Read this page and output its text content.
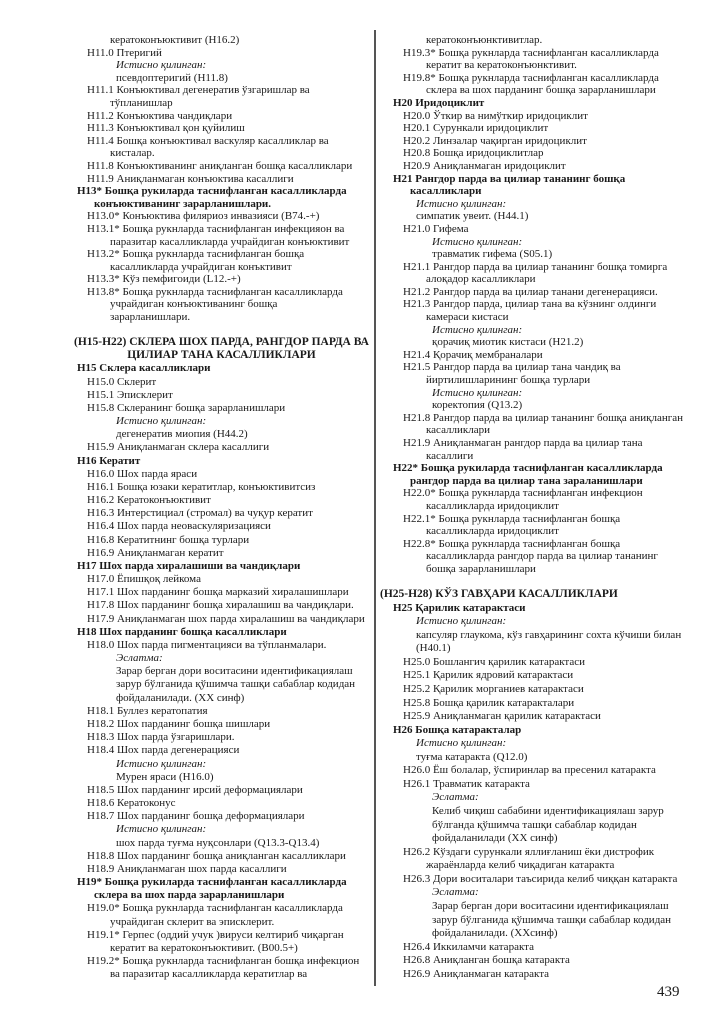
кератоконъюктивит (H16.2)
H11.0 Птеригий
Истисно қилинган:
псевдоптеригий (H11.8)
H11.1 Конъюктивал дегенератив ўзгаришлар ва
тўпланишлар
H11.2 Конъюктива чандиқлари
H11.3 Конъюктивал қон қуйилиш
H11.4 Бошқа конъюктивал васкуляр касалликлар ва
кисталар.
H11.8 Конъюктиванинг аниқланган бошқа касалликлари
H11.9 Аниқланмаган конъюктива касаллиги
H13* Бошқа рукиларда таснифланган касалликларда
конъюктиванинг зарарланишлари.
H13.0* Конъюктива филяриоз инвазияси (B74.-+)
H13.1* Бошқа рукнларда таснифланган инфекцияон ва
паразитар касалликларда учрайдиган конъюктивит
H13.2* Бошқа рукнларда таснифланган бошқа
касалликларда учрайдиган конъктивит
H13.3* Кўз пемфигоиди (L12.-+)
H13.8* Бошқа рукнларда таснифланган касалликларда
учрайдиган конъюктиванинг бошқа
зарарланишлари.
(H15-H22) СКЛЕРА ШОХ ПАРДА, РАНГДОР ПАРДА ВА
ЦИЛИАР ТАНА КАСАЛЛИКЛАРИ
H15 Склера касалликлари
H15.0 Склерит
H15.1 Эписклерит
H15.8 Склеранинг бошқа зарарланишлари
Истисно қилинган:
дегенератив миопия (H44.2)
H15.9 Аниқланмаган склера касаллиги
H16 Кератит
H16.0 Шох парда яраси
H16.1 Бошқа юзаки кератитлар, конъюктивитсиз
H16.2 Кератоконъюктивит
H16.3 Интерстициал (стромал) ва чуқур кератит
H16.4 Шох парда неоваскуляризацияси
H16.8 Кератитнинг бошқа турлари
H16.9 Аниқланмаган кератит
H17 Шох парда хиралашиши ва чандиқлари
H17.0 Ёпишқоқ лейкома
H17.1 Шох парданинг бошқа марказий хиралашишлари
H17.8 Шох парданинг бошқа хиралашиш ва чандиқлари.
H17.9 Аниқланмаган шох парда хиралашиш ва чандиқлари
H18 Шох парданинг бошқа касалликлари
H18.0 Шох парда пигментацияси ва тўпланмалари.
Эслатма:
Зарар берган дори воситасини идентификациялаш
зарур бўлганида қўшимча ташқи сабаблар кодидан
фойдаланилади. (XX синф)
H18.1 Буллез кератопатия
H18.2 Шох парданинг бошқа шишлари
H18.3 Шох парда ўзгаришлари.
H18.4 Шох парда дегенерацияси
Истисно қилинган:
Мурен яраси (H16.0)
H18.5 Шох парданинг ирсий деформациялари
H18.6 Кератоконус
H18.7 Шох парданинг бошқа деформациялари
Истисно қилинган:
шох парда туғма нуқсонлари (Q13.3-Q13.4)
H18.8 Шох парданинг бошқа аниқланган касалликлари
H18.9 Аниқланмаган шох парда касаллиги
H19* Бошқа рукиларда таснифланган касалликларда
склера ва шох парда зарарланишлари
H19.0* Бошқа рукнларда таснифланган касалликларда
учрайдиган склерит ва эписклерит.
H19.1* Герпес (оддий учук )вируси келтириб чиқарган
кератит ва кератоконъюктивит. (B00.5+)
H19.2* Бошқа рукнларда таснифланган бошқа инфекцион
ва паразитар касалликларда кератитлар ва
кератоконъюнктивитлар.
H19.3* Бошқа рукнларда таснифланган касалликларда
кератит ва кератоконъюнктивит.
H19.8* Бошқа рукнларда таснифланган касалликларда
склера ва шох парданинг бошқа зарарланишлари
H20 Иридоциклит
H20.0 Ўткир ва нимўткир иридоциклит
H20.1 Сурункали иридоциклит
H20.2 Линзалар чақирган иридоциклит
H20.8 Бошқа иридоциклитлар
H20.9 Аниқланмаган иридоциклит
H21 Рангдор парда ва цилиар тананинг бошқа
касалликлари
Истисно қилинган:
симпатик увеит. (H44.1)
H21.0 Гифема
Истисно қилинган:
травматик гифема (S05.1)
H21.1 Рангдор парда ва цилиар тананинг бошқа томирга
алоқадор касалликлари
H21.2 Рангдор парда ва цилиар танани дегенерацияси.
H21.3 Рангдор парда, цилиар тана ва кўзнинг олдинги
камераси кистаси
Истисно қилинган:
қорачиқ миотик кистаси (H21.2)
H21.4 Қорачиқ мембраналари
H21.5 Рангдор парда ва цилиар тана чандиқ ва
йиртилишларининг бошқа турлари
Истисно қилинган:
коректопия (Q13.2)
H21.8 Рангдор парда ва цилиар тананинг бошқа аниқланган
касалликлари
H21.9 Аниқланмаган рангдор парда ва цилиар тана
касаллиги
H22* Бошқа рукиларда таснифланган касалликларда
рангдор парда ва цилиар тана зараланишлари
H22.0* Бошқа рукнларда таснифланган инфекцион
касалликларда иридоциклит
H22.1* Бошқа рукнларда таснифланган бошқа
касалликларда иридоциклит
H22.8* Бошқа рукнларда таснифланган бошқа
касалликларда рангдор парда ва цилиар тананинг
бошқа зарарланишлари
(H25-H28) КЎЗ ГАВҲАРИ КАСАЛЛИКЛАРИ
H25 Қарилик катарактаси
Истисно қилинган:
капсуляр глаукома, кўз гавҳарининг сохта кўчиши билан
(H40.1)
H25.0 Бошлангич қарилик катарактаси
H25.1 Қарилик ядровий катарактаси
H25.2 Қарилик морганиев катарактаси
H25.8 Бошқа қарилик катаракталари
H25.9 Аниқланмаган қарилик катарактаси
H26 Бошқа катаракталар
Истисно қилинган:
туғма катаракта (Q12.0)
H26.0 Ёш болалар, ўспиринлар ва пресенил катаракта
H26.1 Травматик катаракта
Эслатма:
Келиб чиқиш сабабини идентификациялаш зарур
бўлганда қўшимча ташқи сабаблар кодидан
фойдаланилади (XX синф)
H26.2 Кўздаги сурункали яллиғланиш ёки дистрофик
жараёнларда келиб чиқадиган катаракта
H26.3 Дори воситалари таъсирида келиб чиққан катаракта
Эслатма:
Зарар берган дори воситасини идентификациялаш
зарур бўлганида қўшимча ташқи сабаблар кодидан
фойдаланилади. (XXсинф)
H26.4 Иккиламчи катаракта
H26.8 Аниқланган бошқа катаракта
H26.9 Аниқланмаган катаракта
439
